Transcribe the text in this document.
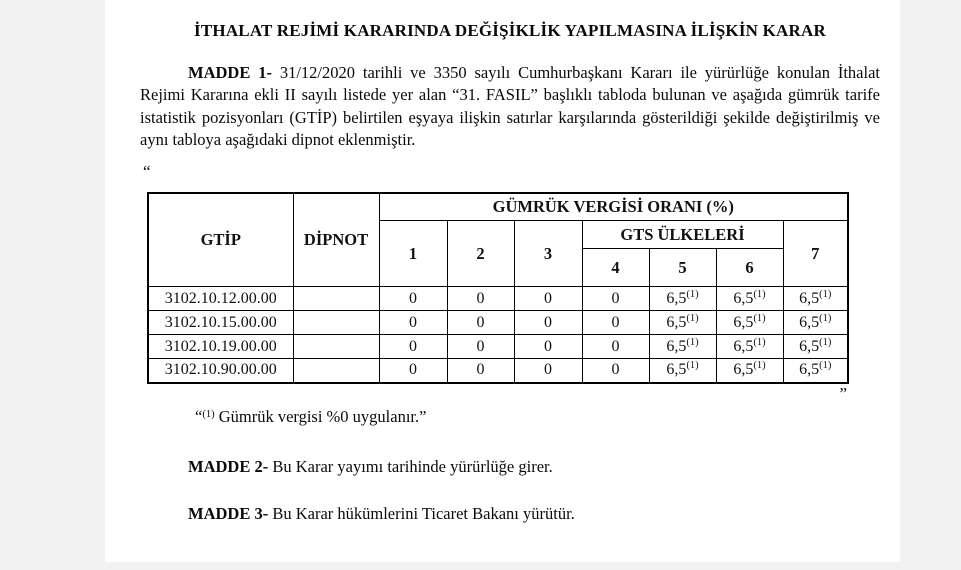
İTHALAT REJİMİ KARARINDA DEĞİŞİKLİK YAPILMASINA İLİŞKİN KARAR

MADDE 1- 31/12/2020 tarihli ve 3350 sayılı Cumhurbaşkanı Kararı ile yürürlüğe konulan İthalat Rejimi Kararına ekli II sayılı listede yer alan “31. FASIL” başlıklı tabloda bulunan ve aşağıda gümrük tarife istatistik pozisyonları (GTİP) belirtilen eşyaya ilişkin satırlar karşılarında gösterildiği şekilde değiştirilmiş ve aynı tabloya aşağıdaki dipnot eklenmiştir.

“
GTİP	DİPNOT	GÜMRÜK VERGİSİ ORANI (%)						
		1	2	3	GTS ÜLKELERİ			7
					4	5	6	
3102.10.12.00.00		0	0	0	0	6,5$^{(1)}$	6,5$^{(1)}$	6,5$^{(1)}$
3102.10.15.00.00		0	0	0	0	6,5$^{(1)}$	6,5$^{(1)}$	6,5$^{(1)}$
3102.10.19.00.00		0	0	0	0	6,5$^{(1)}$	6,5$^{(1)}$	6,5$^{(1)}$
3102.10.90.00.00		0	0	0	0	6,5$^{(1)}$	6,5$^{(1)}$	6,5$^{(1)}$
”

“$^{(1)}$ Gümrük vergisi %0 uygulanır.”

MADDE 2- Bu Karar yayımı tarihinde yürürlüğe girer.

MADDE 3- Bu Karar hükümlerini Ticaret Bakanı yürütür.
